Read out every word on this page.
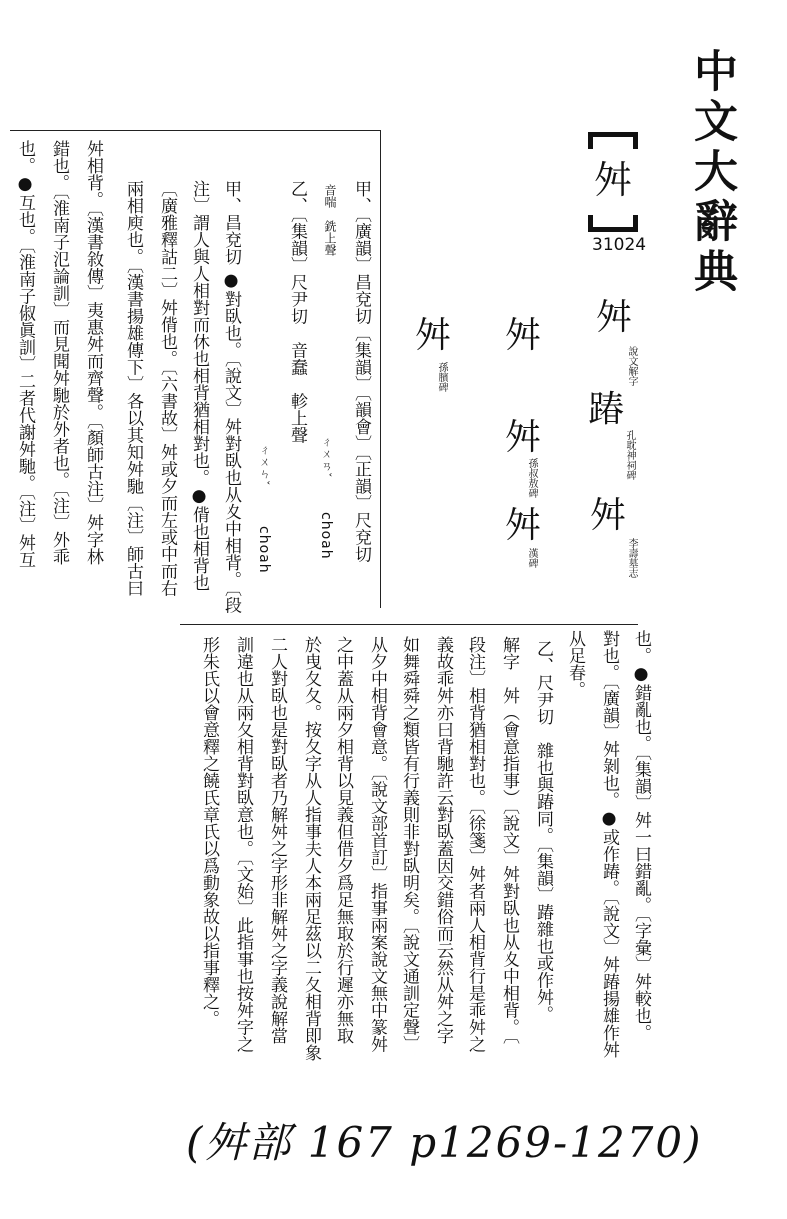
中文大辭典
舛
31024
舛
說文解字
踳
孔耽神祠碑
舛
李壽墓志
舛
舛
孫叔敖碑
舛
漢碑
舛
孫臏碑
甲、〔廣韻〕昌兗切〔集韻〕〔韻會〕〔正韻〕尺兗切
音喘　銑上聲
乙、〔集韻〕尺尹切　音蠢　軫上聲
choah
choah
ㄔㄨㄢˇ
ㄔㄨㄣˇ
甲、昌兗切 ●對臥也。〔說文〕舛對臥也从夊中相背。〔段
注〕謂人與人相對而休也相背猶相對也。●偝也相背也
〔廣雅釋詁二〕舛偝也。〔六書故〕舛或夕而左或中而右
兩相庾也。〔漢書揚雄傳下〕各以其知舛馳〔注〕師古曰
舛相背。〔漢書敘傳〕夷惠舛而齊聲。〔顏師古注〕舛字林
錯也。〔淮南子氾論訓〕而見聞舛馳於外者也。〔注〕外乖
也。●互也。〔淮南子俶眞訓〕二者代謝舛馳。〔注〕舛互
也。●錯亂也。〔集韻〕舛一曰錯亂。〔字彙〕舛較也。
對也。〔廣韻〕舛剝也。●或作踳。〔說文〕舛踳揚雄作舛
从足春。
乙、尺尹切　雜也與踳同。〔集韻〕踳雜也或作舛。
解字　舛（會意指事）〔說文〕舛對臥也从夊中相背。〔
段注〕相背猶相對也。〔徐箋〕舛者兩人相背行是乖舛之
義故乖舛亦曰背馳許云對臥蓋因交錯俗而云然从舛之字
如舞舜舜之類皆有行義則非對臥明矣。〔說文通訓定聲〕
从夕中相背會意。〔說文部首訂〕指事兩案說文無中篆舛
之中蓋从兩夕相背以見義但借夕爲足無取於行遲亦無取
於曳夂夂。按夂字从人指事夫人本兩足茲以二夂相背即象
二人對臥也是對臥者乃解舛之字形非解舛之字義說解當
訓違也从兩夂相背對臥意也。〔文始〕此指事也按舛字之
形朱氏以會意釋之饒氏章氏以爲動象故以指事釋之。
(舛部 167 p1269-1270)
